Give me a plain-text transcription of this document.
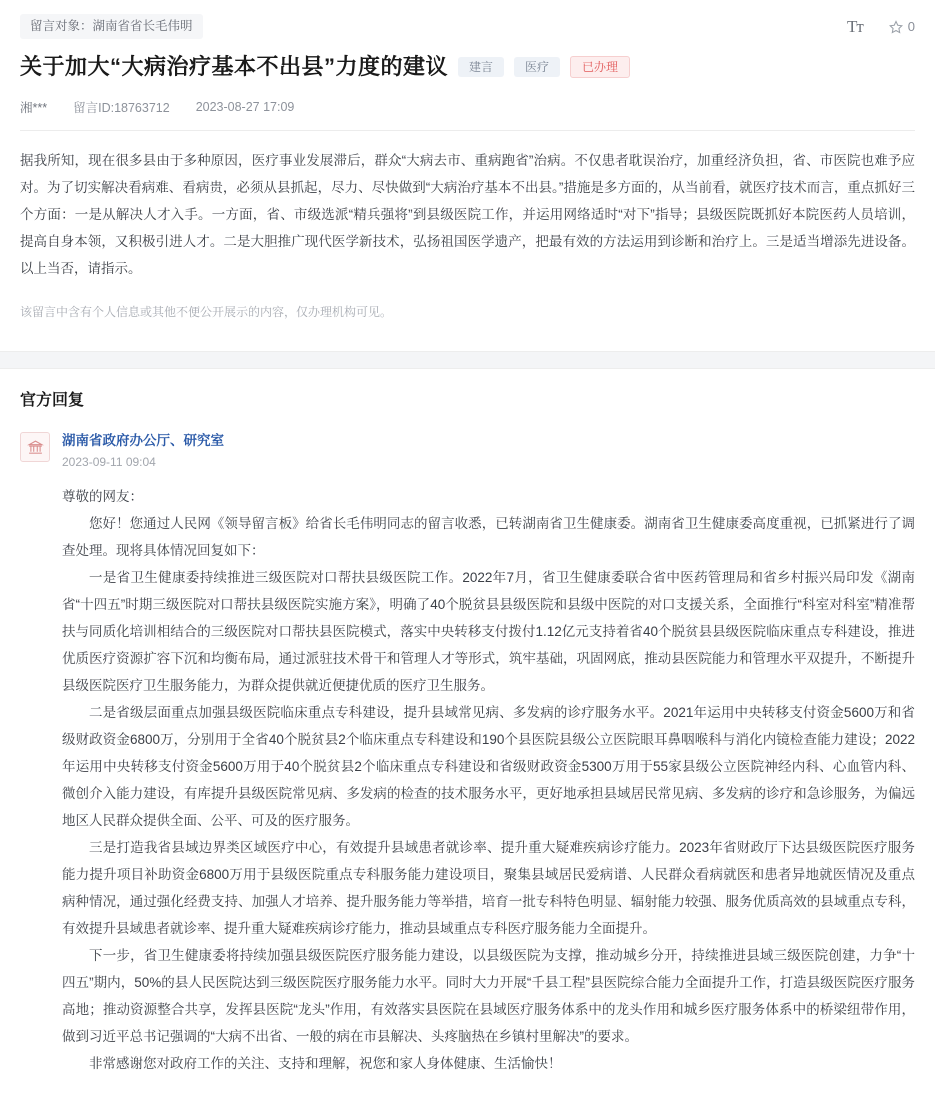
留言对象：湖南省省长毛伟明	Tт	0
关于加大“大病治疗基本不出县”力度的建议	建言	医疗	已办理
湘*** 留言ID:18763712 2023-08-27 17:09

据我所知，现在很多县由于多种原因，医疗事业发展滞后，群众“大病去市、重病跑省”治病。不仅患者耽误治疗，加重经济负担，省、市医院也难予应对。为了切实解决看病难、看病贵，必须从县抓起，尽力、尽快做到“大病治疗基本不出县。”措施是多方面的，从当前看，就医疗技术而言，重点抓好三个方面：一是从解决人才入手。一方面，省、市级选派“精兵强将”到县级医院工作，并运用网络适时“对下”指导；县级医院既抓好本院医药人员培训，提高自身本领，又积极引进人才。二是大胆推广现代医学新技术，弘扬祖国医学遗产，把最有效的方法运用到诊断和治疗上。三是适当增添先进设备。以上当否，请指示。

该留言中含有个人信息或其他不便公开展示的内容，仅办理机构可见。
官方回复
湖南省政府办公厅、研究室
2023-09-11 09:04

尊敬的网友：

您好！您通过人民网《领导留言板》给省长毛伟明同志的留言收悉，已转湖南省卫生健康委。湖南省卫生健康委高度重视，已抓紧进行了调查处理。现将具体情况回复如下：

一是省卫生健康委持续推进三级医院对口帮扶县级医院工作。2022年7月，省卫生健康委联合省中医药管理局和省乡村振兴局印发《湖南省“十四五”时期三级医院对口帮扶县级医院实施方案》，明确了40个脱贫县县级医院和县级中医院的对口支援关系，全面推行“科室对科室”精准帮扶与同质化培训相结合的三级医院对口帮扶县医院模式，落实中央转移支付拨付1.12亿元支持着省40个脱贫县县级医院临床重点专科建设，推进优质医疗资源扩容下沉和均衡布局，通过派驻技术骨干和管理人才等形式，筑牢基础，巩固网底，推动县医院能力和管理水平双提升，不断提升县级医院医疗卫生服务能力，为群众提供就近便捷优质的医疗卫生服务。

二是省级层面重点加强县级医院临床重点专科建设，提升县域常见病、多发病的诊疗服务水平。2021年运用中央转移支付资金5600万和省级财政资金6800万，分别用于全省40个脱贫县2个临床重点专科建设和190个县医院县级公立医院眼耳鼻咽喉科与消化内镜检查能力建设；2022年运用中央转移支付资金5600万用于40个脱贫县2个临床重点专科建设和省级财政资金5300万用于55家县级公立医院神经内科、心血管内科、微创介入能力建设，有库提升县级医院常见病、多发病的检查的技术服务水平，更好地承担县域居民常见病、多发病的诊疗和急诊服务，为偏远地区人民群众提供全面、公平、可及的医疗服务。

三是打造我省县域边界类区域医疗中心，有效提升县域患者就诊率、提升重大疑难疾病诊疗能力。2023年省财政厅下达县级医院医疗服务能力提升项目补助资金6800万用于县级医院重点专科服务能力建设项目，聚集县域居民爱病谱、人民群众看病就医和患者异地就医情况及重点病种情况，通过强化经费支持、加强人才培养、提升服务能力等举措，培育一批专科特色明显、辐射能力较强、服务优质高效的县域重点专科，有效提升县域患者就诊率、提升重大疑难疾病诊疗能力，推动县域重点专科医疗服务能力全面提升。

下一步，省卫生健康委将持续加强县级医院医疗服务能力建设，以县级医院为支撑，推动城乡分开，持续推进县域三级医院创建，力争“十四五”期内，50%的县人民医院达到三级医院医疗服务能力水平。同时大力开展“千县工程”县医院综合能力全面提升工作，打造县级医院医疗服务高地；推动资源整合共享，发挥县医院“龙头”作用，有效落实县医院在县域医疗服务体系中的龙头作用和城乡医疗服务体系中的桥梁纽带作用，做到习近平总书记强调的“大病不出省、一般的病在市县解决、头疼脑热在乡镇村里解决”的要求。

非常感谢您对政府工作的关注、支持和理解，祝您和家人身体健康、生活愉快！
